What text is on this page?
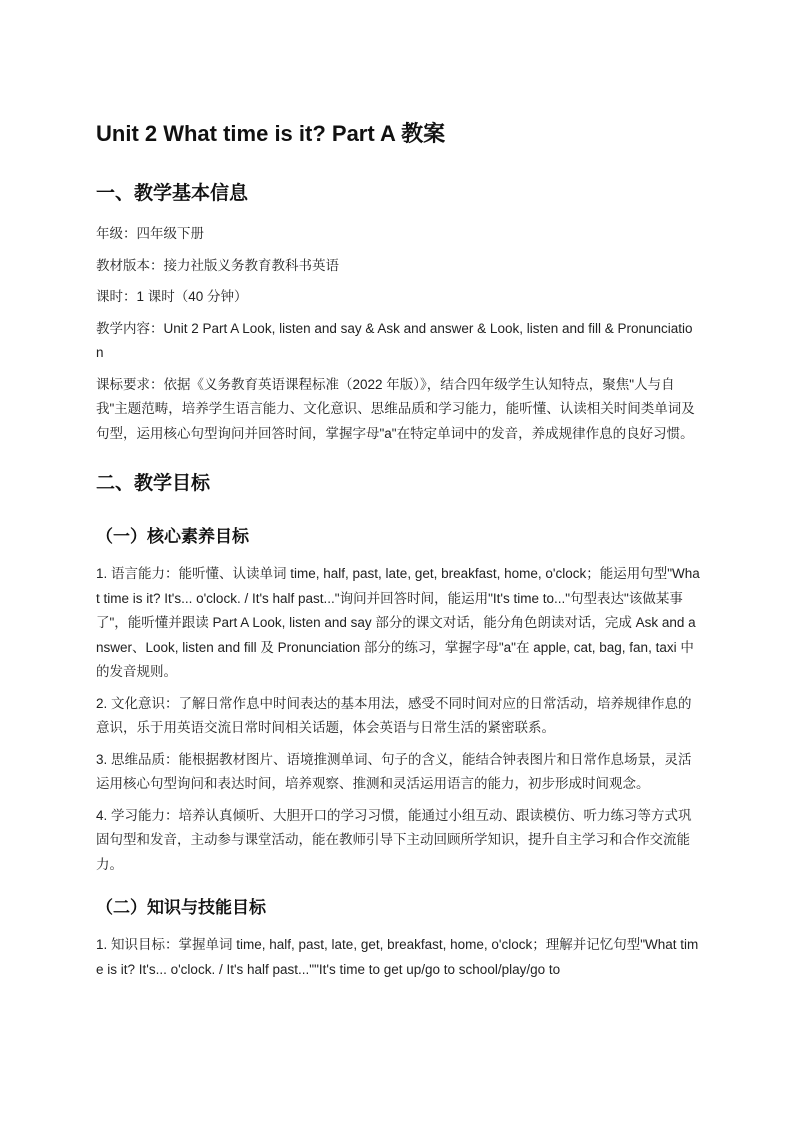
Unit 2 What time is it? Part A 教案
一、教学基本信息

年级：四年级下册

教材版本：接力社版义务教育教科书英语

课时：1 课时（40 分钟）

教学内容：Unit 2 Part A Look, listen and say & Ask and answer & Look, listen and fill & Pronunciation

课标要求：依据《义务教育英语课程标准（2022 年版）》，结合四年级学生认知特点，聚焦"人与自我"主题范畴，培养学生语言能力、文化意识、思维品质和学习能力，能听懂、认读相关时间类单词及句型，运用核心句型询问并回答时间，掌握字母"a"在特定单词中的发音，养成规律作息的良好习惯。

二、教学目标
（一）核心素养目标

1. 语言能力：能听懂、认读单词 time, half, past, late, get, breakfast, home, o'clock；能运用句型"What time is it? It's... o'clock. / It's half past..."询问并回答时间，能运用"It's time to..."句型表达"该做某事了"，能听懂并跟读 Part A Look, listen and say 部分的课文对话，能分角色朗读对话，完成 Ask and answer、Look, listen and fill 及 Pronunciation 部分的练习，掌握字母"a"在 apple, cat, bag, fan, taxi 中的发音规则。

2. 文化意识：了解日常作息中时间表达的基本用法，感受不同时间对应的日常活动，培养规律作息的意识，乐于用英语交流日常时间相关话题，体会英语与日常生活的紧密联系。

3. 思维品质：能根据教材图片、语境推测单词、句子的含义，能结合钟表图片和日常作息场景，灵活运用核心句型询问和表达时间，培养观察、推测和灵活运用语言的能力，初步形成时间观念。

4. 学习能力：培养认真倾听、大胆开口的学习习惯，能通过小组互动、跟读模仿、听力练习等方式巩固句型和发音，主动参与课堂活动，能在教师引导下主动回顾所学知识，提升自主学习和合作交流能力。

（二）知识与技能目标

1. 知识目标：掌握单词 time, half, past, late, get, breakfast, home, o'clock；理解并记忆句型"What time is it? It's... o'clock. / It's half past...""It's time to get up/go to school/play/go to
